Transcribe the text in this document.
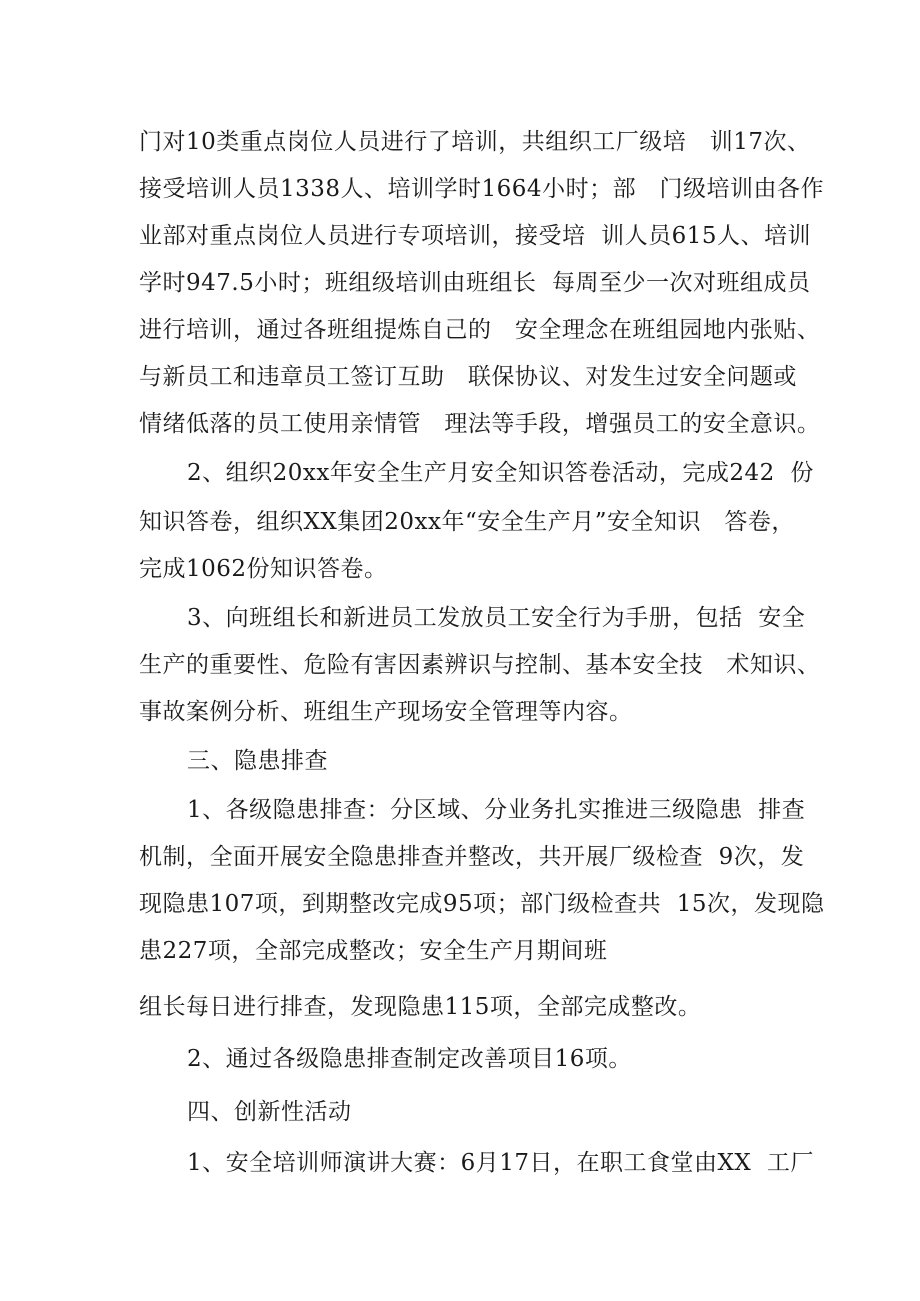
门对10类重点岗位人员进行了培训，共组织工厂级培   训17次、
接受培训人员1338人、培训学时1664小时；部   门级培训由各作
业部对重点岗位人员进行专项培训，接受培  训人员615人、培训
学时947.5小时；班组级培训由班组长  每周至少一次对班组成员
进行培训，通过各班组提炼自己的   安全理念在班组园地内张贴、
与新员工和违章员工签订互助   联保协议、对发生过安全问题或
情绪低落的员工使用亲情管   理法等手段，增强员工的安全意识。
2、组织20xx年安全生产月安全知识答卷活动，完成242  份
知识答卷，组织XX集团20xx年“安全生产月”安全知识   答卷，
完成1062份知识答卷。
3、向班组长和新进员工发放员工安全行为手册，包括  安全
生产的重要性、危险有害因素辨识与控制、基本安全技   术知识、
事故案例分析、班组生产现场安全管理等内容。
三、隐患排查
1、各级隐患排查：分区域、分业务扎实推进三级隐患  排查
机制，全面开展安全隐患排查并整改，共开展厂级检查  9次，发
现隐患107项，到期整改完成95项；部门级检查共  15次，发现隐
患227项，全部完成整改；安全生产月期间班
组长每日进行排查，发现隐患115项，全部完成整改。
2、通过各级隐患排查制定改善项目16项。
四、创新性活动
1、安全培训师演讲大赛：6月17日，在职工食堂由XX  工厂
